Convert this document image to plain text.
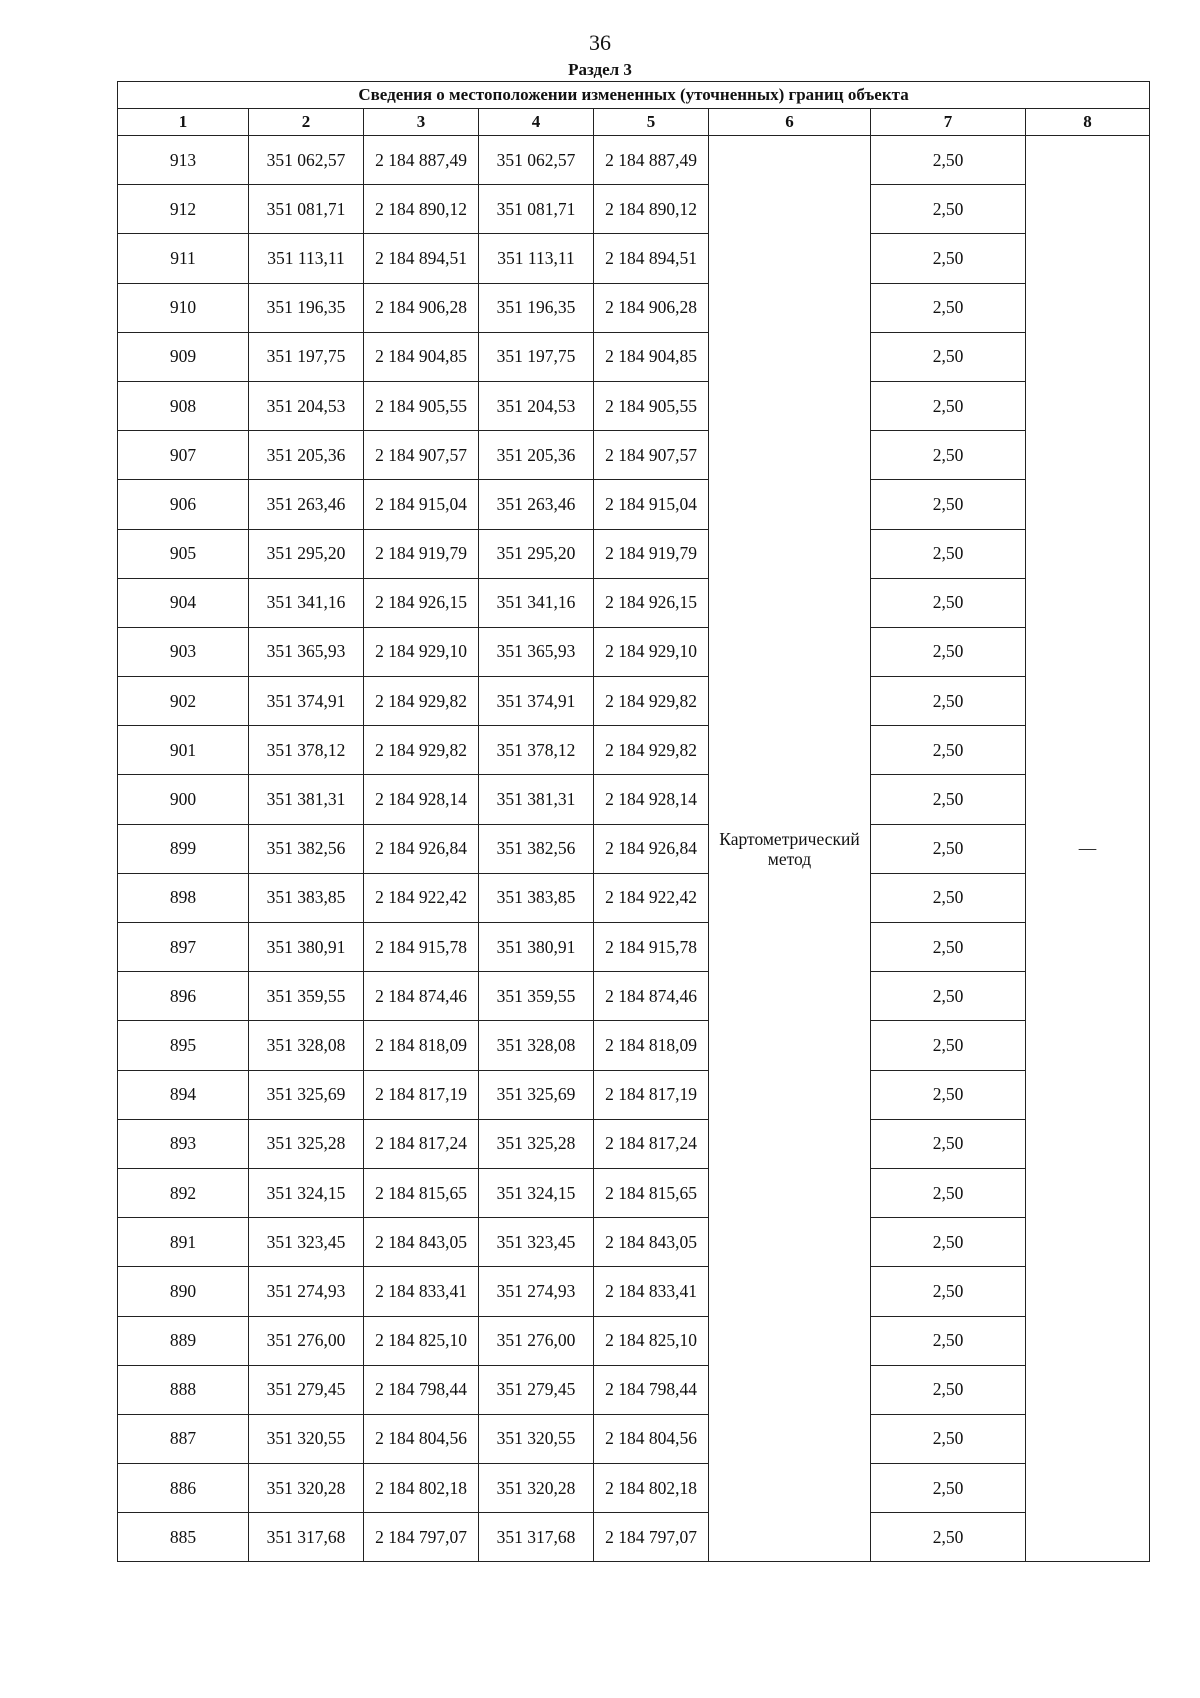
36
Раздел 3
Сведения о местоположении измененных (уточненных) границ объекта							
1	2	3	4	5	6	7	8
913	351 062,57	2 184 887,49	351 062,57	2 184 887,49	Картометрический метод	2,50	—
912	351 081,71	2 184 890,12	351 081,71	2 184 890,12		2,50	
911	351 113,11	2 184 894,51	351 113,11	2 184 894,51		2,50	
910	351 196,35	2 184 906,28	351 196,35	2 184 906,28		2,50	
909	351 197,75	2 184 904,85	351 197,75	2 184 904,85		2,50	
908	351 204,53	2 184 905,55	351 204,53	2 184 905,55		2,50	
907	351 205,36	2 184 907,57	351 205,36	2 184 907,57		2,50	
906	351 263,46	2 184 915,04	351 263,46	2 184 915,04		2,50	
905	351 295,20	2 184 919,79	351 295,20	2 184 919,79		2,50	
904	351 341,16	2 184 926,15	351 341,16	2 184 926,15		2,50	
903	351 365,93	2 184 929,10	351 365,93	2 184 929,10		2,50	
902	351 374,91	2 184 929,82	351 374,91	2 184 929,82		2,50	
901	351 378,12	2 184 929,82	351 378,12	2 184 929,82		2,50	
900	351 381,31	2 184 928,14	351 381,31	2 184 928,14		2,50	
899	351 382,56	2 184 926,84	351 382,56	2 184 926,84		2,50	
898	351 383,85	2 184 922,42	351 383,85	2 184 922,42		2,50	
897	351 380,91	2 184 915,78	351 380,91	2 184 915,78		2,50	
896	351 359,55	2 184 874,46	351 359,55	2 184 874,46		2,50	
895	351 328,08	2 184 818,09	351 328,08	2 184 818,09		2,50	
894	351 325,69	2 184 817,19	351 325,69	2 184 817,19		2,50	
893	351 325,28	2 184 817,24	351 325,28	2 184 817,24		2,50	
892	351 324,15	2 184 815,65	351 324,15	2 184 815,65		2,50	
891	351 323,45	2 184 843,05	351 323,45	2 184 843,05		2,50	
890	351 274,93	2 184 833,41	351 274,93	2 184 833,41		2,50	
889	351 276,00	2 184 825,10	351 276,00	2 184 825,10		2,50	
888	351 279,45	2 184 798,44	351 279,45	2 184 798,44		2,50	
887	351 320,55	2 184 804,56	351 320,55	2 184 804,56		2,50	
886	351 320,28	2 184 802,18	351 320,28	2 184 802,18		2,50	
885	351 317,68	2 184 797,07	351 317,68	2 184 797,07		2,50	
